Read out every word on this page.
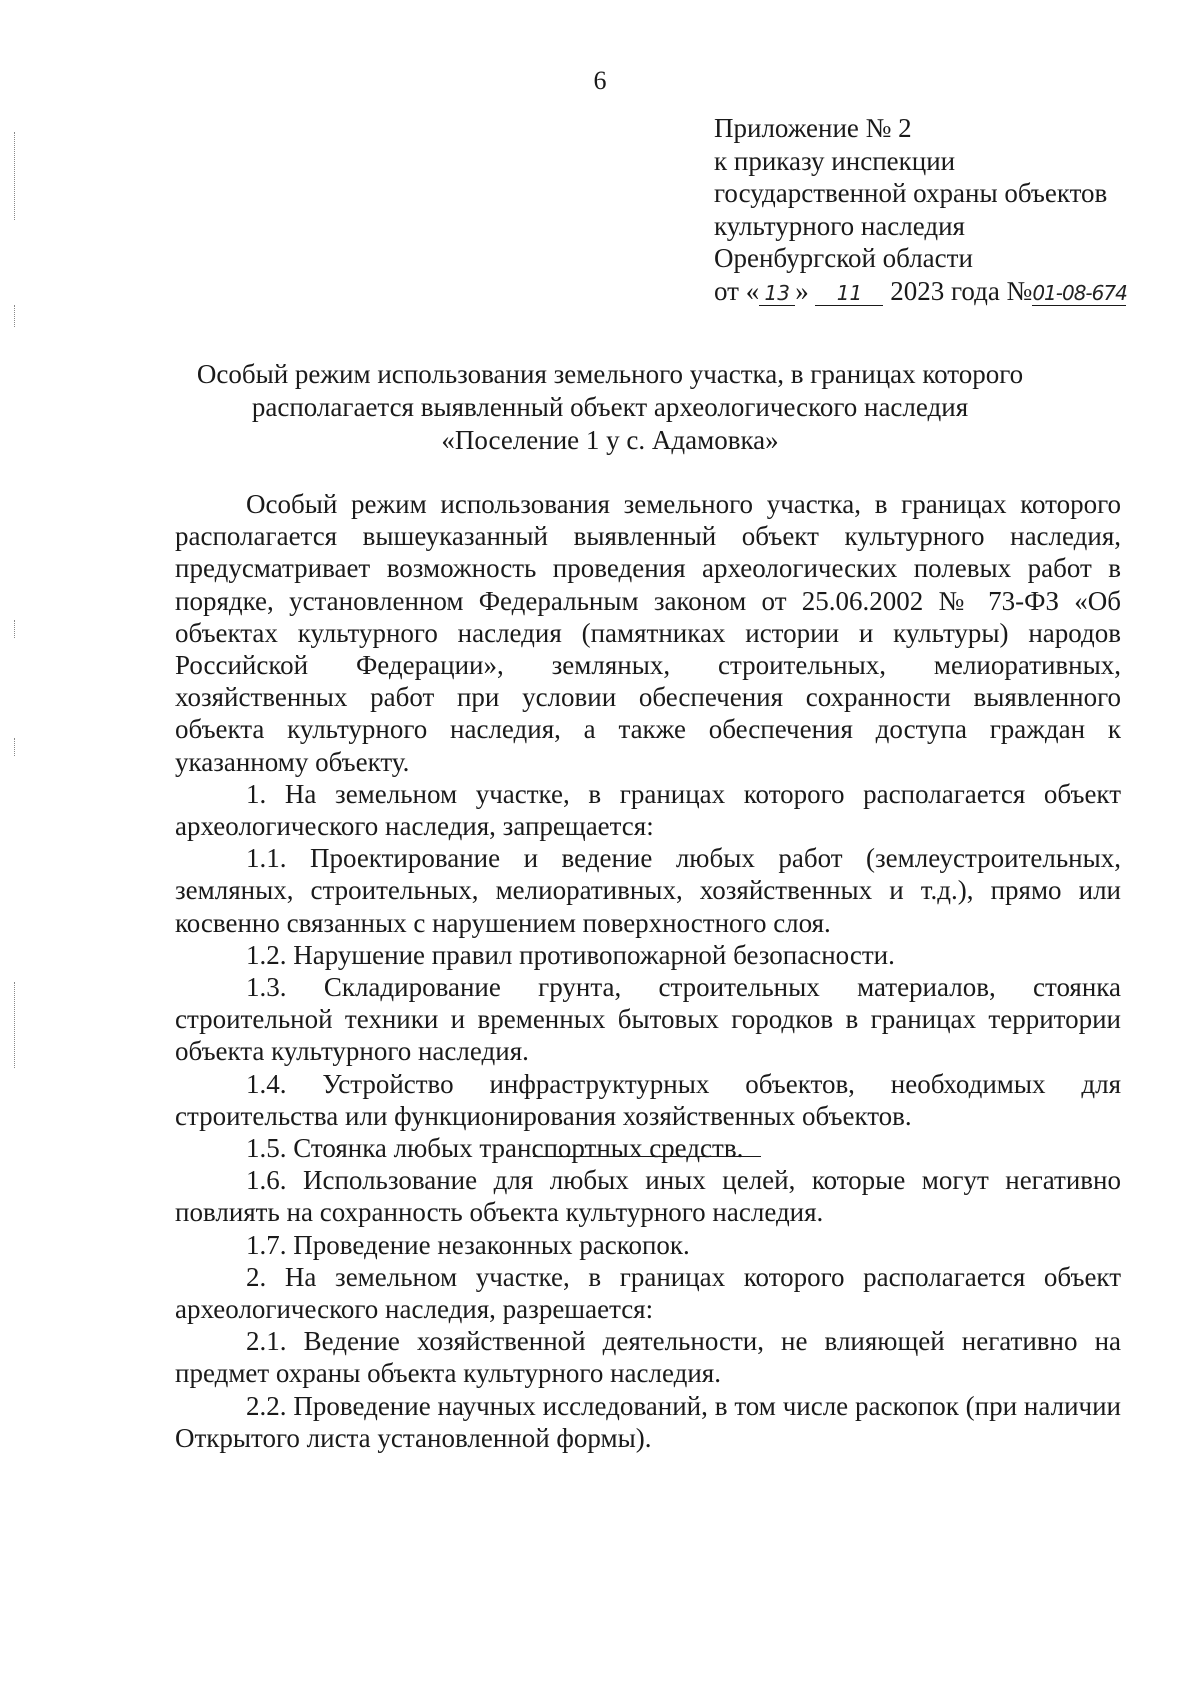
6
Приложение № 2
к приказу инспекции
государственной охраны объектов
культурного наследия
Оренбургской области
от « 13 » 11 2023 года №01-08-674
Особый режим использования земельного участка, в границах которого
располагается выявленный объект археологического наследия
«Поселение 1 у с. Адамовка»

Особый режим использования земельного участка, в границах которого располагается вышеуказанный выявленный объект культурного наследия, предусматривает возможность проведения археологических полевых работ в порядке, установленном Федеральным законом от 25.06.2002 № 73-ФЗ «Об объектах культурного наследия (памятниках истории и культуры) народов Российской Федерации», земляных, строительных, мелиоративных, хозяйственных работ при условии обеспечения сохранности выявленного объекта культурного наследия, а также обеспечения доступа граждан к указанному объекту.

1. На земельном участке, в границах которого располагается объект археологического наследия, запрещается:

1.1. Проектирование и ведение любых работ (землеустроительных, земляных, строительных, мелиоративных, хозяйственных и т.д.), прямо или косвенно связанных с нарушением поверхностного слоя.

1.2. Нарушение правил противопожарной безопасности.

1.3. Складирование грунта, строительных материалов, стоянка строительной техники и временных бытовых городков в границах территории объекта культурного наследия.

1.4. Устройство инфраструктурных объектов, необходимых для строительства или функционирования хозяйственных объектов.

1.5. Стоянка любых транспортных средств.

1.6. Использование для любых иных целей, которые могут негативно повлиять на сохранность объекта культурного наследия.

1.7. Проведение незаконных раскопок.

2. На земельном участке, в границах которого располагается объект археологического наследия, разрешается:

2.1. Ведение хозяйственной деятельности, не влияющей негативно на предмет охраны объекта культурного наследия.

2.2. Проведение научных исследований, в том числе раскопок (при наличии Открытого листа установленной формы).
